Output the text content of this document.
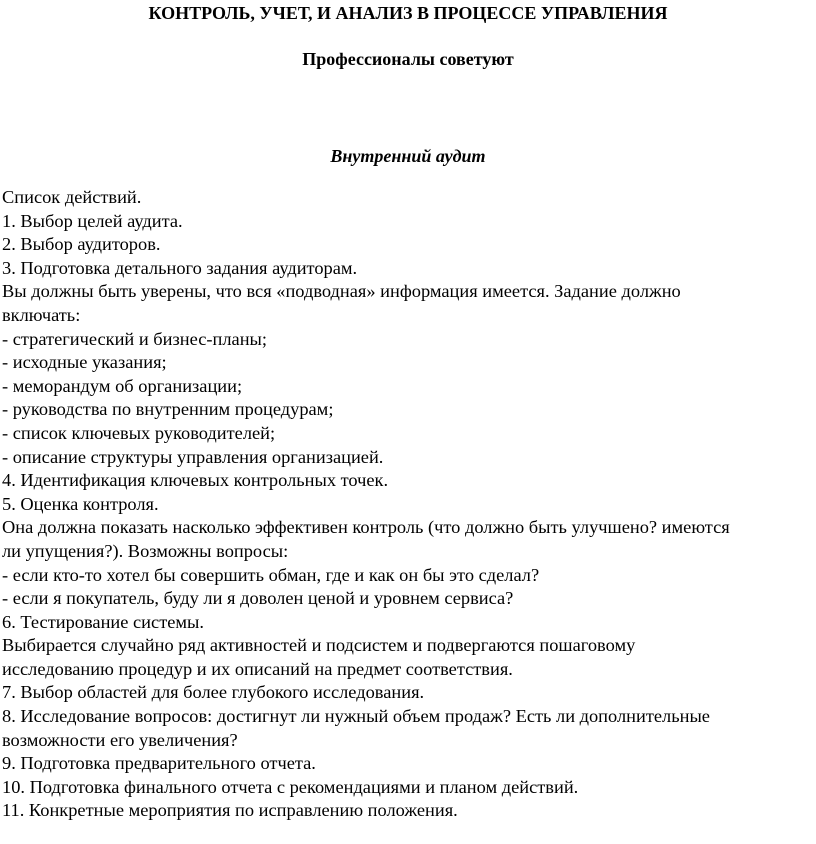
КОНТРОЛЬ, УЧЕТ, И АНАЛИЗ В ПРОЦЕССЕ УПРАВЛЕНИЯ
Профессионалы советуют
Внутренний аудит
Список действий.
1. Выбор целей аудита.
2. Выбор аудиторов.
3. Подготовка детального задания аудиторам.
Вы должны быть уверены, что вся «подводная» информация имеется. Задание должно
включать:
- стратегический и бизнес-планы;
- исходные указания;
- меморандум об организации;
- руководства по внутренним процедурам;
- список ключевых руководителей;
- описание структуры управления организацией.
4. Идентификация ключевых контрольных точек.
5. Оценка контроля.
Она должна показать насколько эффективен контроль (что должно быть улучшено? имеются
ли упущения?). Возможны вопросы:
- если кто-то хотел бы совершить обман, где и как он бы это сделал?
- если я покупатель, буду ли я доволен ценой и уровнем сервиса?
6. Тестирование системы.
Выбирается случайно ряд активностей и подсистем и подвергаются пошаговому
исследованию процедур и их описаний на предмет соответствия.
7. Выбор областей для более глубокого исследования.
8. Исследование вопросов: достигнут ли нужный объем продаж? Есть ли дополнительные
возможности его увеличения?
9. Подготовка предварительного отчета.
10. Подготовка финального отчета с рекомендациями и планом действий.
11. Конкретные мероприятия по исправлению положения.
